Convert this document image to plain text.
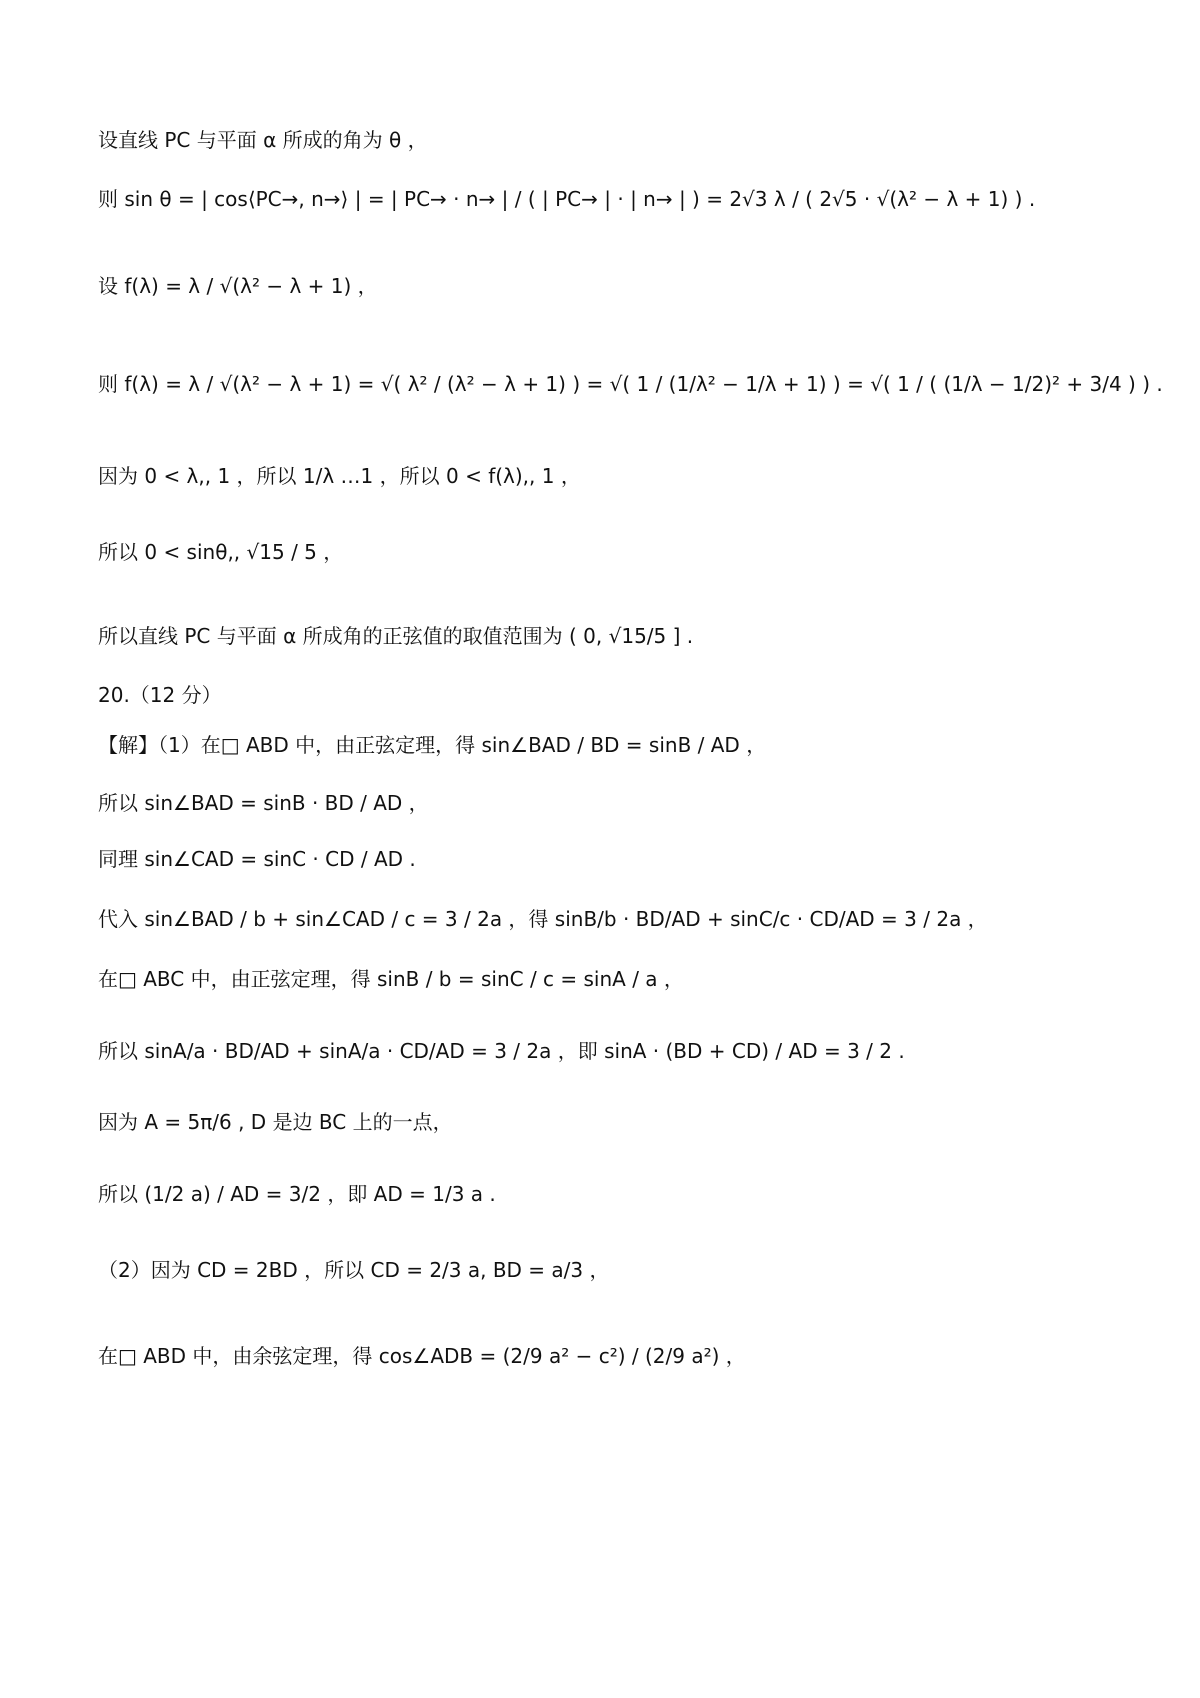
设直线 PC 与平面 α 所成的角为 θ ，
则 sin θ = | cos⟨PC→, n→⟩ | = | PC→ · n→ | / ( | PC→ | · | n→ | ) = 2√3 λ / ( 2√5 · √(λ² − λ + 1) ) .
设 f(λ) = λ / √(λ² − λ + 1) ，
则 f(λ) = λ / √(λ² − λ + 1) = √( λ² / (λ² − λ + 1) ) = √( 1 / (1/λ² − 1/λ + 1) ) = √( 1 / ( (1/λ − 1/2)² + 3/4 ) ) .
因为 0 < λ,, 1 ，所以 1/λ …1 ，所以 0 < f(λ),, 1 ，
所以 0 < sinθ,, √15 / 5 ，
所以直线 PC 与平面 α 所成角的正弦值的取值范围为 ( 0, √15/5 ] .
20.（12 分）
【解】（1）在□ ABD 中，由正弦定理，得 sin∠BAD / BD = sinB / AD ，
所以 sin∠BAD = sinB · BD / AD ，
同理 sin∠CAD = sinC · CD / AD .
代入 sin∠BAD / b + sin∠CAD / c = 3 / 2a ，得 sinB/b · BD/AD + sinC/c · CD/AD = 3 / 2a ，
在□ ABC 中，由正弦定理，得 sinB / b = sinC / c = sinA / a ，
所以 sinA/a · BD/AD + sinA/a · CD/AD = 3 / 2a ，即 sinA · (BD + CD) / AD = 3 / 2 .
因为 A = 5π/6 , D 是边 BC 上的一点，
所以 (1/2 a) / AD = 3/2 ，即 AD = 1/3 a .
（2）因为 CD = 2BD ，所以 CD = 2/3 a, BD = a/3 ，
在□ ABD 中，由余弦定理，得 cos∠ADB = (2/9 a² − c²) / (2/9 a²) ，
